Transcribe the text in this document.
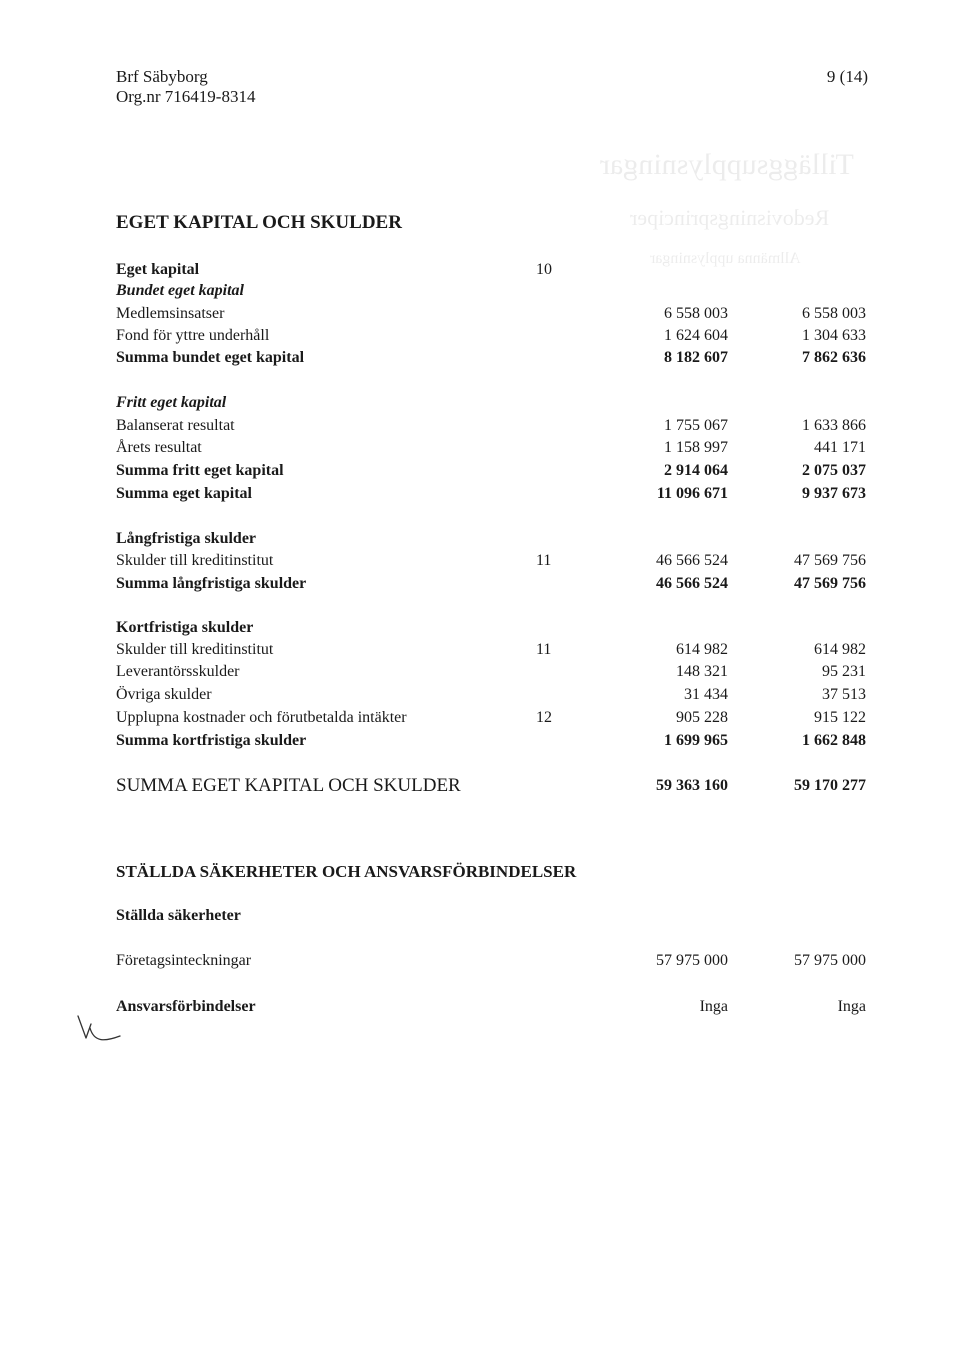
Tilläggsupplysningar
Redovisningsprinciper
Allmänna upplysningar
Brf Säbyborg
Org.nr 716419-8314
9 (14)
EGET KAPITAL OCH SKULDER
Eget kapital	10
Bundet eget kapital
Medlemsinsatser	6 558 003	6 558 003
Fond för yttre underhåll	1 624 604	1 304 633
Summa bundet eget kapital	8 182 607	7 862 636
Fritt eget kapital
Balanserat resultat	1 755 067	1 633 866
Årets resultat	1 158 997	441 171
Summa fritt eget kapital	2 914 064	2 075 037
Summa eget kapital	11 096 671	9 937 673
Långfristiga skulder
Skulder till kreditinstitut	11	46 566 524	47 569 756
Summa långfristiga skulder	46 566 524	47 569 756
Kortfristiga skulder
Skulder till kreditinstitut	11	614 982	614 982
Leverantörsskulder	148 321	95 231
Övriga skulder	31 434	37 513
Upplupna kostnader och förutbetalda intäkter	12	905 228	915 122
Summa kortfristiga skulder	1 699 965	1 662 848
SUMMA EGET KAPITAL OCH SKULDER	59 363 160	59 170 277
STÄLLDA SÄKERHETER OCH ANSVARSFÖRBINDELSER
Ställda säkerheter
Företagsinteckningar	57 975 000	57 975 000
Ansvarsförbindelser	Inga	Inga
